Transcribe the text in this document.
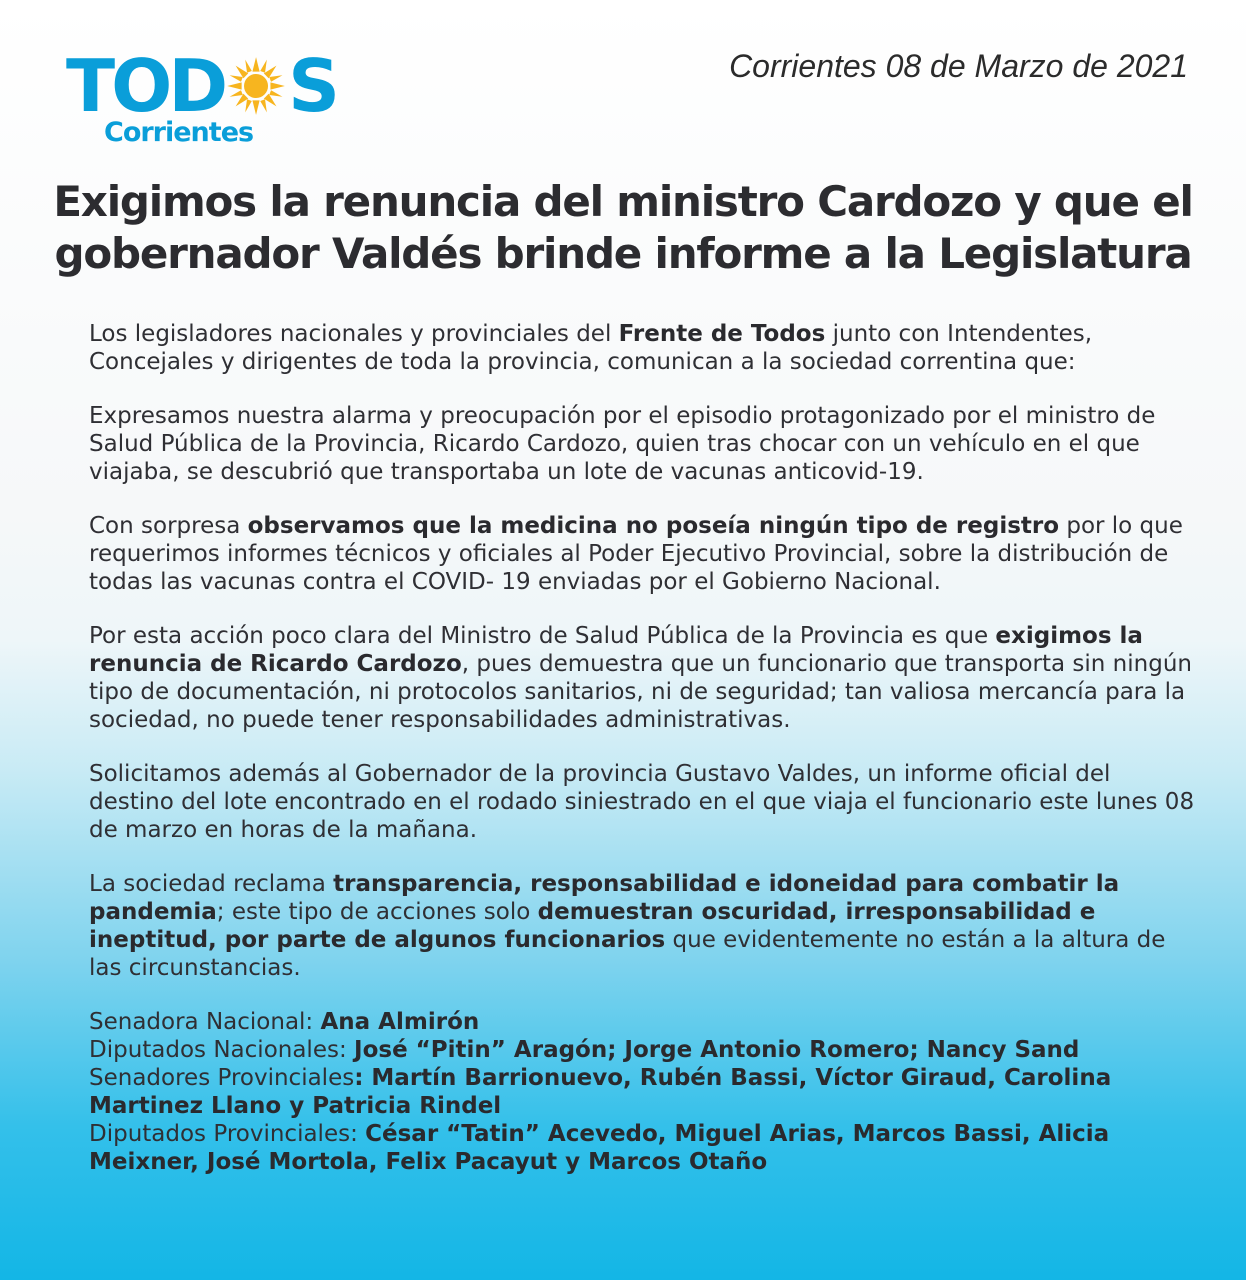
TOD S
Corrientes
Corrientes 08 de Marzo de 2021
Exigimos la renuncia del ministro Cardozo y que el
gobernador Valdés brinde informe a la Legislatura

Los legisladores nacionales y provinciales del Frente de Todos junto con Intendentes, Concejales y dirigentes de toda la provincia, comunican a la sociedad correntina que:

Expresamos nuestra alarma y preocupación por el episodio protagonizado por el ministro de Salud Pública de la Provincia, Ricardo Cardozo, quien tras chocar con un vehículo en el que viajaba, se descubrió que transportaba un lote de vacunas anticovid-19.

Con sorpresa observamos que la medicina no poseía ningún tipo de registro por lo que requerimos informes técnicos y oficiales al Poder Ejecutivo Provincial, sobre la distribución de todas las vacunas contra el COVID- 19 enviadas por el Gobierno Nacional.

Por esta acción poco clara del Ministro de Salud Pública de la Provincia es que exigimos la renuncia de Ricardo Cardozo, pues demuestra que un funcionario que transporta sin ningún tipo de documentación, ni protocolos sanitarios, ni de seguridad; tan valiosa mercancía para la sociedad, no puede tener responsabilidades administrativas.

Solicitamos además al Gobernador de la provincia Gustavo Valdes, un informe oficial del destino del lote encontrado en el rodado siniestrado en el que viaja el funcionario este lunes 08 de marzo en horas de la mañana.

La sociedad reclama transparencia, responsabilidad e idoneidad para combatir la pandemia; este tipo de acciones solo demuestran oscuridad, irresponsabilidad e ineptitud, por parte de algunos funcionarios que evidentemente no están a la altura de las circunstancias.

Senadora Nacional: Ana Almirón
Diputados Nacionales: José “Pitin” Aragón; Jorge Antonio Romero; Nancy Sand
Senadores Provinciales: Martín Barrionuevo, Rubén Bassi, Víctor Giraud, Carolina Martinez Llano y Patricia Rindel
Diputados Provinciales: César “Tatin” Acevedo, Miguel Arias, Marcos Bassi, Alicia Meixner, José Mortola, Felix Pacayut y Marcos Otaño
